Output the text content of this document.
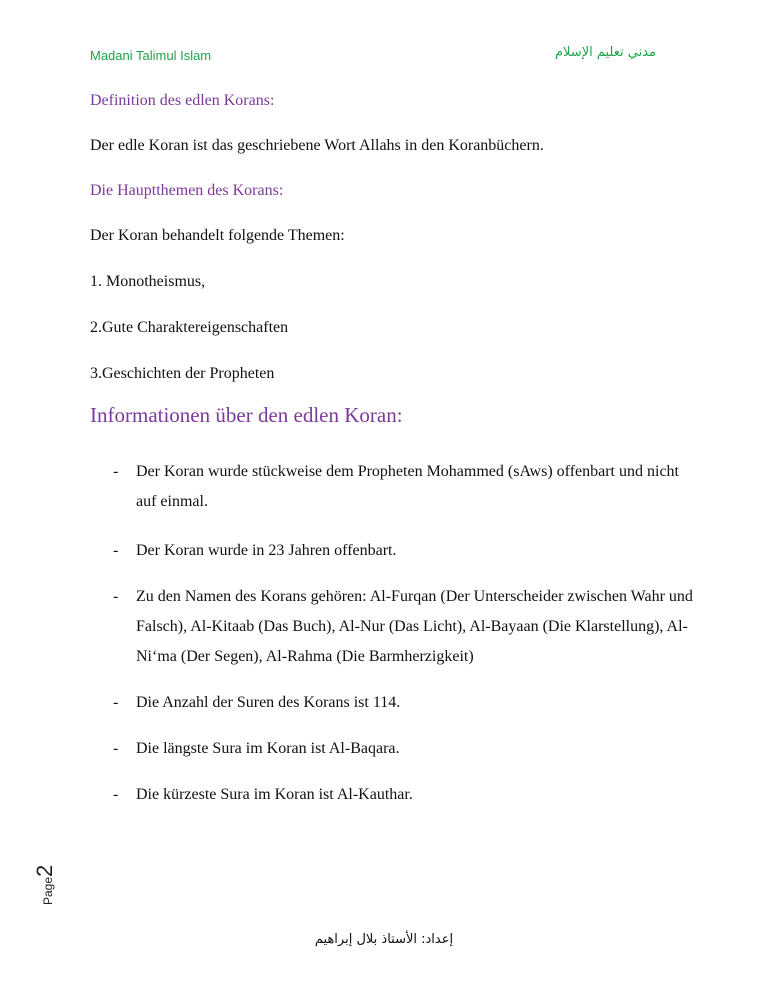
Madani Talimul Islam	مدني تعليم الإسلام

Definition des edlen Korans:

Der edle Koran ist das geschriebene Wort Allahs in den Koranbüchern.

Die Hauptthemen des Korans:

Der Koran behandelt folgende Themen:

1. Monotheismus,

2.Gute Charaktereigenschaften

3.Geschichten der Propheten

Informationen über den edlen Koran:

- Der Koran wurde stückweise dem Propheten Mohammed (sAws) offenbart und nicht auf einmal.

- Der Koran wurde in 23 Jahren offenbart.

- Zu den Namen des Korans gehören: Al-Furqan (Der Unterscheider zwischen Wahr und Falsch), Al-Kitaab (Das Buch), Al-Nur (Das Licht), Al-Bayaan (Die Klarstellung), Al-Ni‘ma (Der Segen), Al-Rahma (Die Barmherzigkeit)

- Die Anzahl der Suren des Korans ist 114.

- Die längste Sura im Koran ist Al-Baqara.

- Die kürzeste Sura im Koran ist Al-Kauthar.

Page2
إعداد: الأستاذ بلال إبراهيم
